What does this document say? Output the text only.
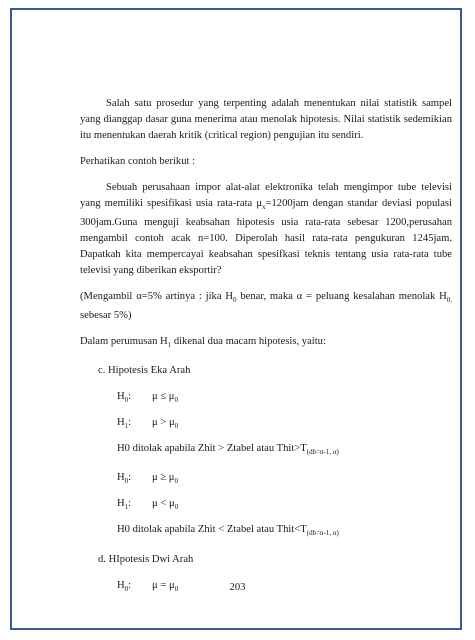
Salah satu prosedur yang terpenting adalah menentukan nilai statistik sampel yang dianggap dasar guna menerima atau menolak hipotesis. Nilai statistik sedemikian itu menentukan daerah kritik (critical region) pengujian itu sendiri.

Perhatikan contoh berikut :

Sebuah perusahaan impor alat-alat elektronika telah mengimpor tube televisi yang memiliki spesifikasi usia rata-rata $\mu_x=1200jam$ dengan standar deviasi populasi 300jam.Guna menguji keabsahan hipotesis usia rata-rata sebesar 1200,perusahan mengambil contoh acak n=100. Diperolah hasil rata-rata pengukuran 1245jam. Dapatkah kita mempercayai keabsahan spesifkasi teknis tentang usia rata-rata tube televisi yang diberikan eksportir?

(Mengambil α=5% artinya : jika $H_0$ benar, maka α = peluang kesalahan menolak $H_{0,}$ sebesar 5%)

Dalam perumusan $H_1$ dikenal dua macam hipotesis, yaitu:

c. Hipotesis Eka Arah
$H_0$: $\mu \le \mu_0$
$H_1$: $\mu > \mu_0$
H0 ditolak apabila Zhit > Ztabel atau $Thit>T_{(db=n-1, \alpha)}$
$H_0$: $\mu \ge \mu_0$
$H_1$: $\mu < \mu_0$
H0 ditolak apabila Zhit < Ztabel atau $Thit<T_{(db=n-1, \alpha)}$
d. HIpotesis Dwi Arah
$H_0$: $\mu = \mu_0$	203
